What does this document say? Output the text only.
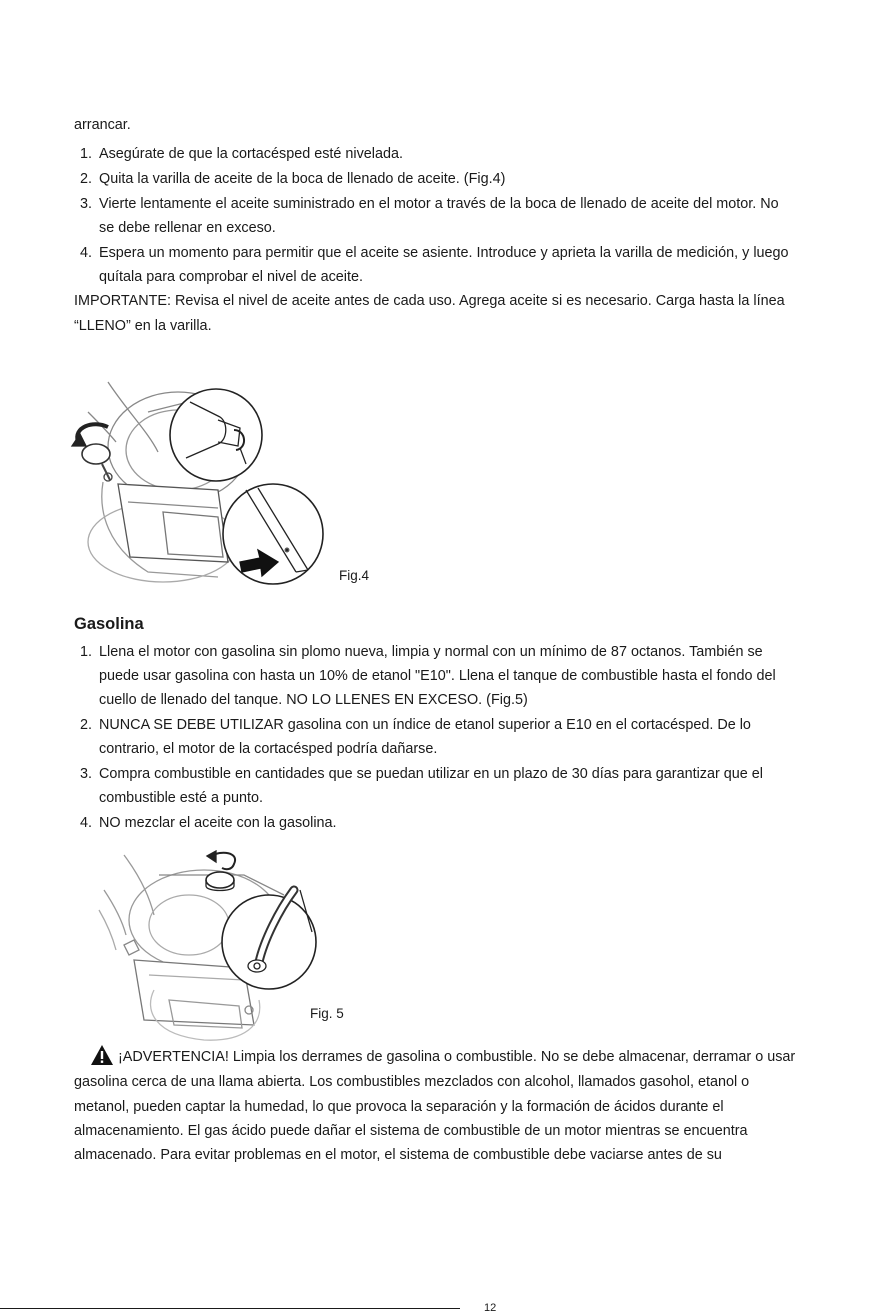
arrancar.
1. Asegúrate de que la cortacésped esté nivelada.
2. Quita la varilla de aceite de la boca de llenado de aceite. (Fig.4)
3. Vierte lentamente el aceite suministrado en el motor a través de la boca de llenado de aceite del motor. No
se debe rellenar en exceso.
4. Espera un momento para permitir que el aceite se asiente. Introduce y aprieta la varilla de medición, y luego
quítala para comprobar el nivel de aceite.
IMPORTANTE: Revisa el nivel de aceite antes de cada uso. Agrega aceite si es necesario. Carga hasta la línea
“LLENO” en la varilla.
Fig.4
Gasolina
1. Llena el motor con gasolina sin plomo nueva, limpia y normal con un mínimo de 87 octanos. También se
puede usar gasolina con hasta un 10% de etanol "E10". Llena el tanque de combustible hasta el fondo del
cuello de llenado del tanque. NO LO LLENES EN EXCESO. (Fig.5)
2. NUNCA SE DEBE UTILIZAR gasolina con un índice de etanol superior a E10 en el cortacésped. De lo
contrario, el motor de la cortacésped podría dañarse.
3. Compra combustible en cantidades que se puedan utilizar en un plazo de 30 días para garantizar que el
combustible esté a punto.
4. NO mezclar el aceite con la gasolina.
Fig. 5
¡ADVERTENCIA! Limpia los derrames de gasolina o combustible. No se debe almacenar, derramar o usar
gasolina cerca de una llama abierta. Los combustibles mezclados con alcohol, llamados gasohol, etanol o
metanol, pueden captar la humedad, lo que provoca la separación y la formación de ácidos durante el
almacenamiento. El gas ácido puede dañar el sistema de combustible de un motor mientras se encuentra
almacenado. Para evitar problemas en el motor, el sistema de combustible debe vaciarse antes de su
12
